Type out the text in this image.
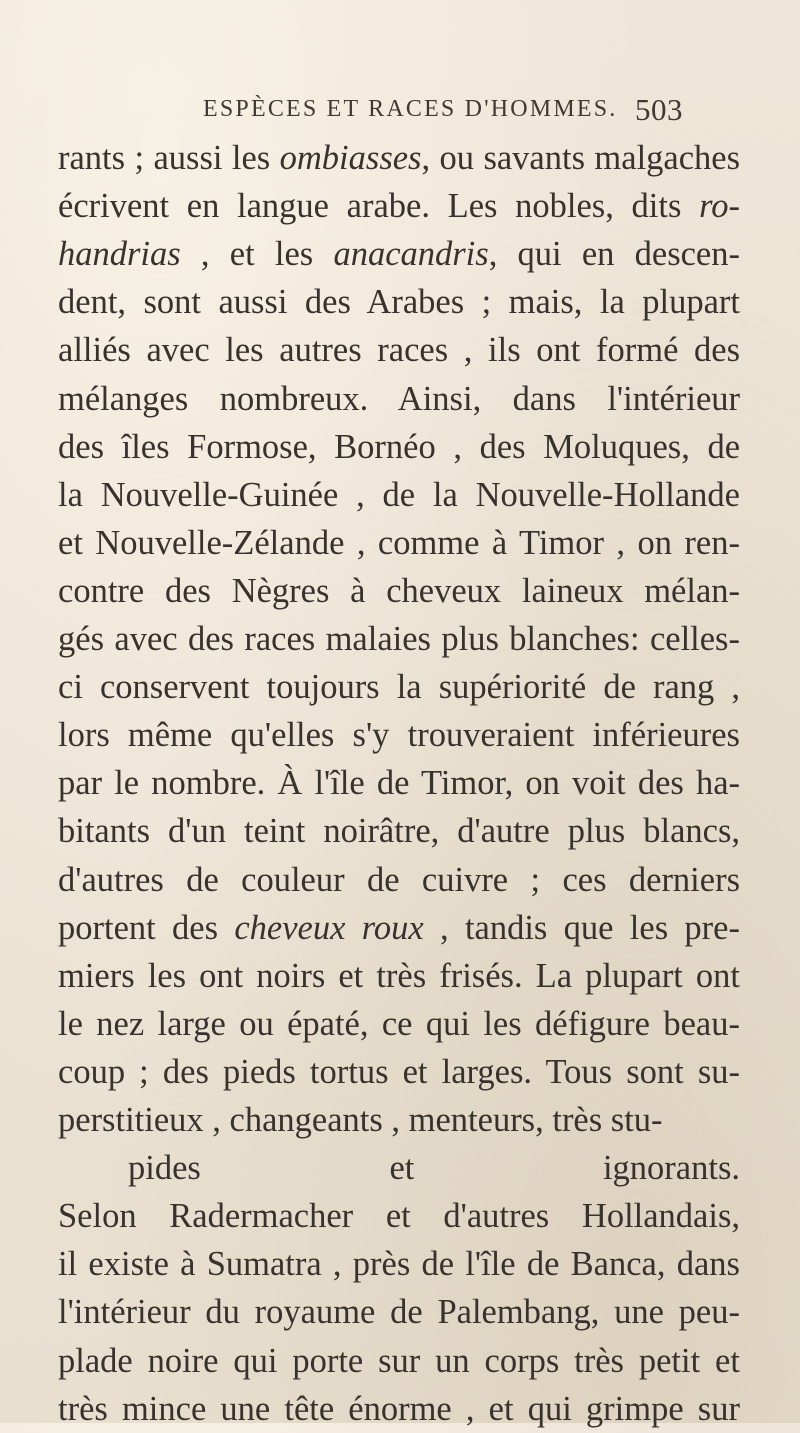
ESPÈCES ET RACES D'HOMMES. 503
rants ; aussi les ombiasses, ou savants malgaches
écrivent en langue arabe. Les nobles, dits ro-
handrias , et les anacandris, qui en descen-
dent, sont aussi des Arabes ; mais, la plupart
alliés avec les autres races , ils ont formé des
mélanges nombreux. Ainsi, dans l'intérieur
des îles Formose, Bornéo , des Moluques, de
la Nouvelle-Guinée , de la Nouvelle-Hollande
et Nouvelle-Zélande , comme à Timor , on ren-
contre des Nègres à cheveux laineux mélan-
gés avec des races malaies plus blanches: celles-
ci conservent toujours la supériorité de rang ,
lors même qu'elles s'y trouveraient inférieures
par le nombre. À l'île de Timor, on voit des ha-
bitants d'un teint noirâtre, d'autre plus blancs,
d'autres de couleur de cuivre ; ces derniers
portent des cheveux roux , tandis que les pre-
miers les ont noirs et très frisés. La plupart ont
le nez large ou épaté, ce qui les défigure beau-
coup ; des pieds tortus et larges. Tous sont su-
perstitieux , changeants , menteurs, très stu-
pides et ignorants.
Selon Radermacher et d'autres Hollandais,
il existe à Sumatra , près de l'île de Banca, dans
l'intérieur du royaume de Palembang, une peu-
plade noire qui porte sur un corps très petit et
très mince une tête énorme , et qui grimpe sur
